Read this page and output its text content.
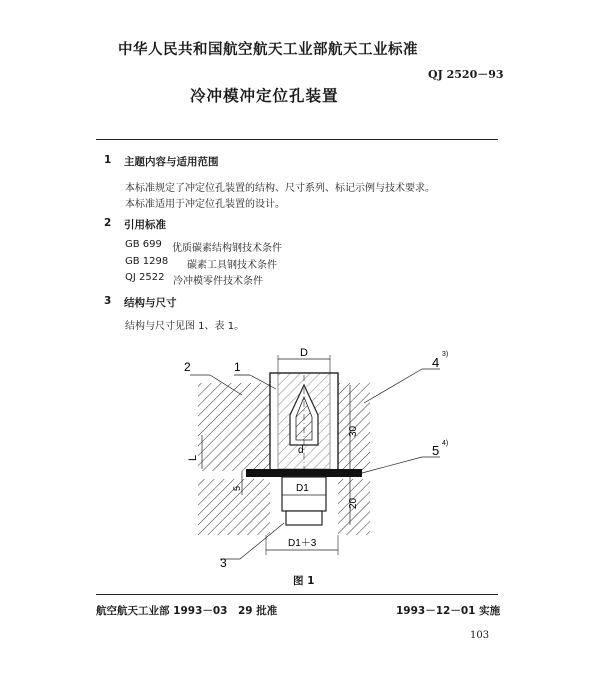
中华人民共和国航空航天工业部航天工业标准
QJ 2520－93
冷冲模冲定位孔装置
1 主题内容与适用范围
本标准规定了冲定位孔装置的结构、尺寸系列、标记示例与技术要求。
本标准适用于冲定位孔装置的设计。
2 引用标准
GB 699 优质碳素结构钢技术条件
GB 1298 碳素工具钢技术条件
QJ 2522 冷冲模零件技术条件
3 结构与尺寸
结构与尺寸见图 1、表 1。
D
d
D1
D1＋3
30
20
L
5
2	1	4
3)
5 4)
3
图 1
航空航天工业部 1993－03　29 批准	1993－12－01 实施
103
